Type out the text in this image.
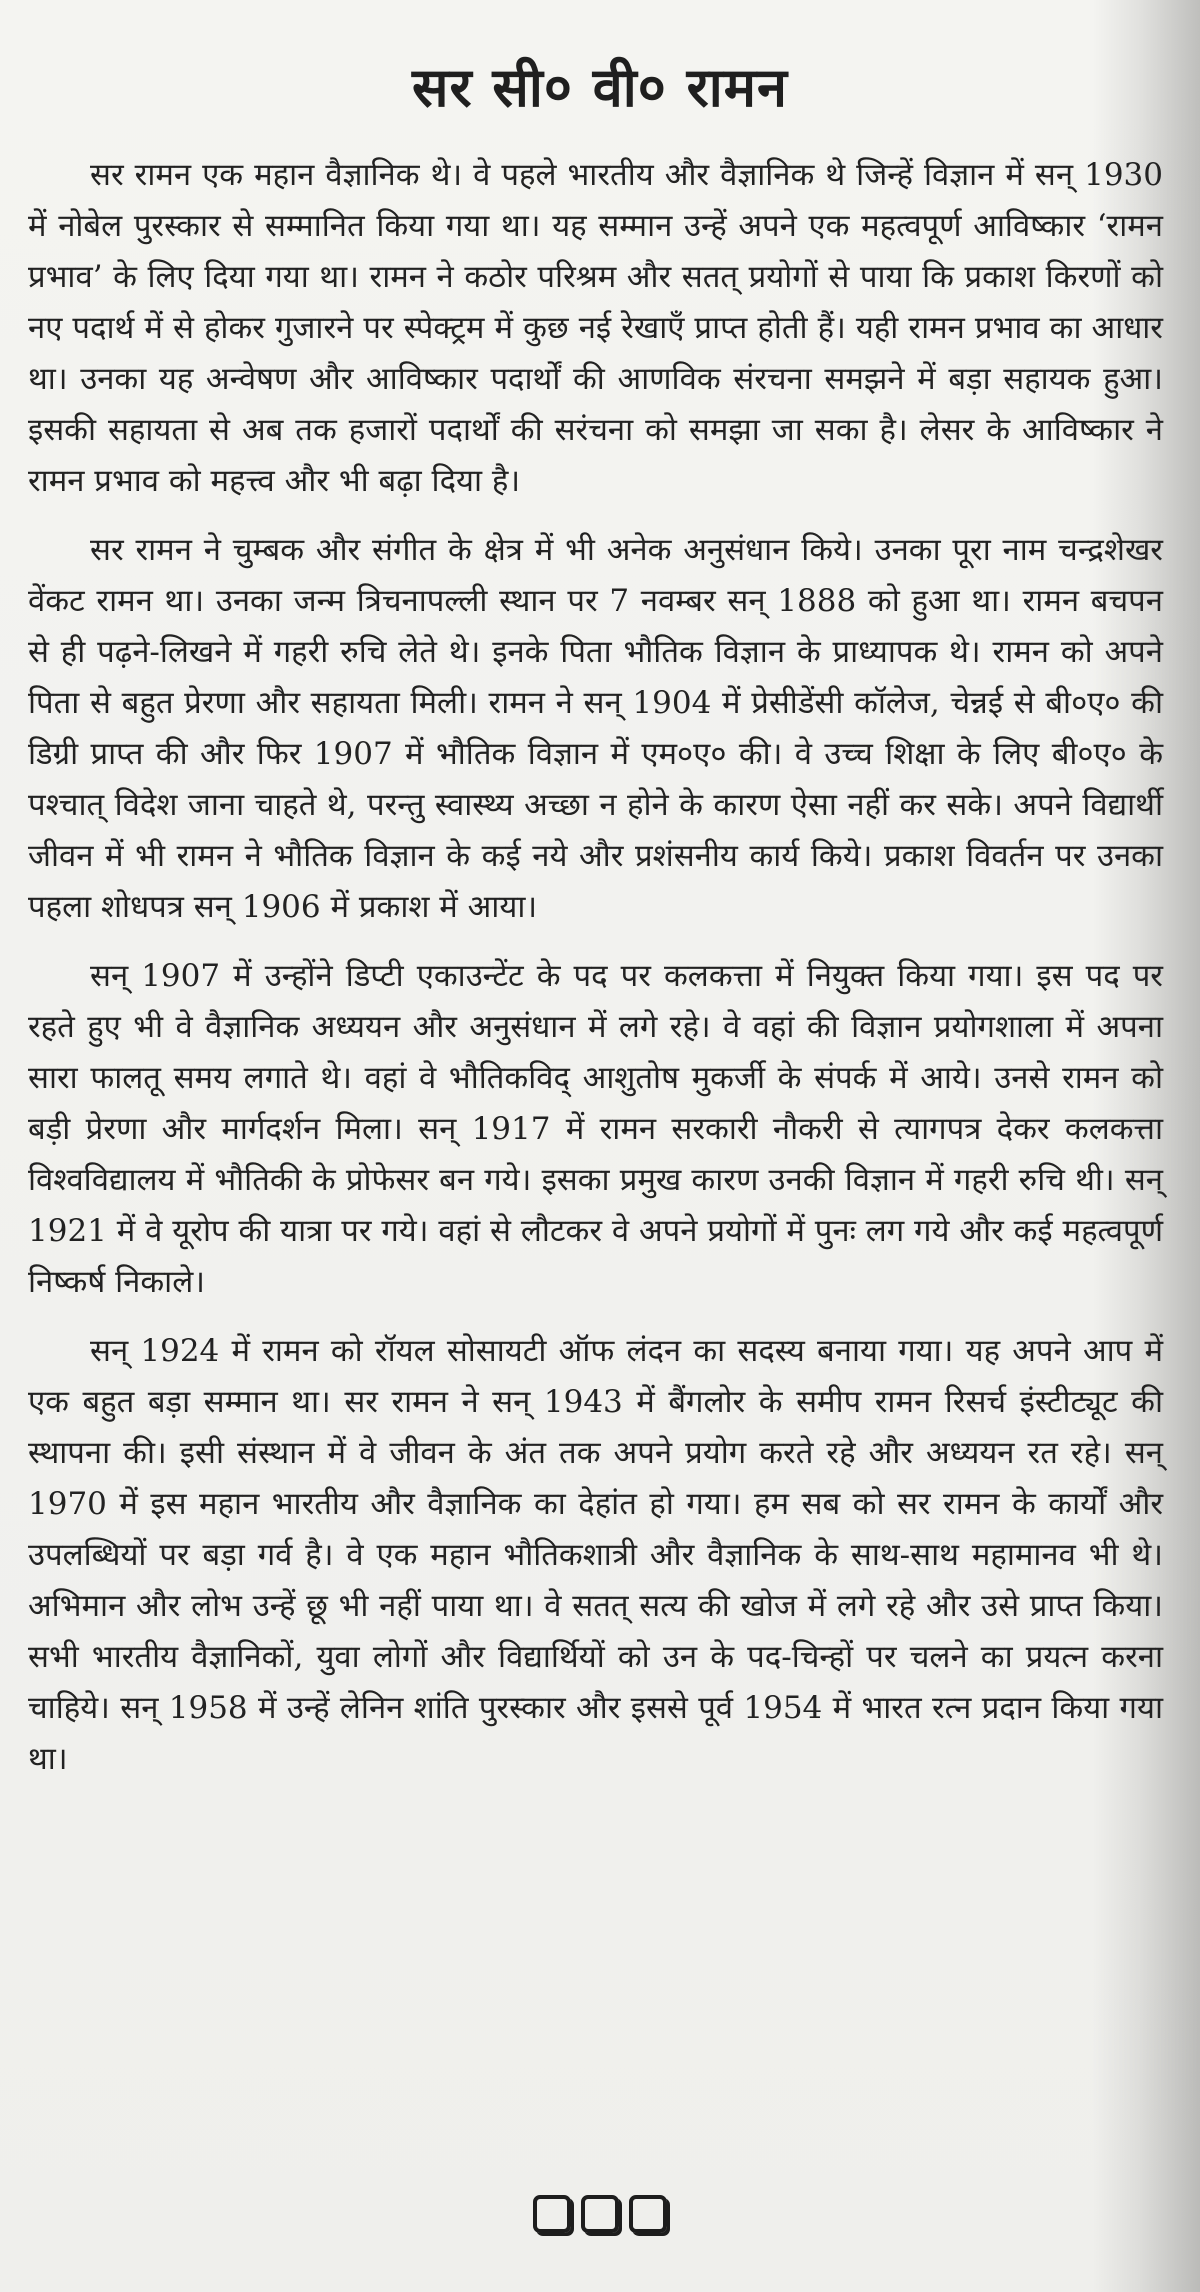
सर सी० वी० रामन

सर रामन एक महान वैज्ञानिक थे। वे पहले भारतीय और वैज्ञानिक थे जिन्हें विज्ञान में सन् 1930 में नोबेल पुरस्कार से सम्मानित किया गया था। यह सम्मान उन्हें अपने एक महत्वपूर्ण आविष्कार ‘रामन प्रभाव’ के लिए दिया गया था। रामन ने कठोर परिश्रम और सतत् प्रयोगों से पाया कि प्रकाश किरणों को नए पदार्थ में से होकर गुजारने पर स्पेक्ट्रम में कुछ नई रेखाएँ प्राप्त होती हैं। यही रामन प्रभाव का आधार था। उनका यह अन्वेषण और आविष्कार पदार्थों की आणविक संरचना समझने में बड़ा सहायक हुआ। इसकी सहायता से अब तक हजारों पदार्थों की सरंचना को समझा जा सका है। लेसर के आविष्कार ने रामन प्रभाव को महत्त्व और भी बढ़ा दिया है।

सर रामन ने चुम्बक और संगीत के क्षेत्र में भी अनेक अनुसंधान किये। उनका पूरा नाम चन्द्रशेखर वेंकट रामन था। उनका जन्म त्रिचनापल्ली स्थान पर 7 नवम्बर सन् 1888 को हुआ था। रामन बचपन से ही पढ़ने-लिखने में गहरी रुचि लेते थे। इनके पिता भौतिक विज्ञान के प्राध्यापक थे। रामन को अपने पिता से बहुत प्रेरणा और सहायता मिली। रामन ने सन् 1904 में प्रेसीडेंसी कॉलेज, चेन्नई से बी०ए० की डिग्री प्राप्त की और फिर 1907 में भौतिक विज्ञान में एम०ए० की। वे उच्च शिक्षा के लिए बी०ए० के पश्चात् विदेश जाना चाहते थे, परन्तु स्वास्थ्य अच्छा न होने के कारण ऐसा नहीं कर सके। अपने विद्यार्थी जीवन में भी रामन ने भौतिक विज्ञान के कई नये और प्रशंसनीय कार्य किये। प्रकाश विवर्तन पर उनका पहला शोधपत्र सन् 1906 में प्रकाश में आया।

सन् 1907 में उन्होंने डिप्टी एकाउन्टेंट के पद पर कलकत्ता में नियुक्त किया गया। इस पद पर रहते हुए भी वे वैज्ञानिक अध्ययन और अनुसंधान में लगे रहे। वे वहां की विज्ञान प्रयोगशाला में अपना सारा फालतू समय लगाते थे। वहां वे भौतिकविद् आशुतोष मुकर्जी के संपर्क में आये। उनसे रामन को बड़ी प्रेरणा और मार्गदर्शन मिला। सन् 1917 में रामन सरकारी नौकरी से त्यागपत्र देकर कलकत्ता विश्वविद्यालय में भौतिकी के प्रोफेसर बन गये। इसका प्रमुख कारण उनकी विज्ञान में गहरी रुचि थी। सन् 1921 में वे यूरोप की यात्रा पर गये। वहां से लौटकर वे अपने प्रयोगों में पुनः लग गये और कई महत्वपूर्ण निष्कर्ष निकाले।

सन् 1924 में रामन को रॉयल सोसायटी ऑफ लंदन का सदस्य बनाया गया। यह अपने आप में एक बहुत बड़ा सम्मान था। सर रामन ने सन् 1943 में बैंगलोर के समीप रामन रिसर्च इंस्टीट्यूट की स्थापना की। इसी संस्थान में वे जीवन के अंत तक अपने प्रयोग करते रहे और अध्ययन रत रहे। सन् 1970 में इस महान भारतीय और वैज्ञानिक का देहांत हो गया। हम सब को सर रामन के कार्यों और उपलब्धियों पर बड़ा गर्व है। वे एक महान भौतिकशात्री और वैज्ञानिक के साथ-साथ महामानव भी थे। अभिमान और लोभ उन्हें छू भी नहीं पाया था। वे सतत् सत्य की खोज में लगे रहे और उसे प्राप्त किया। सभी भारतीय वैज्ञानिकों, युवा लोगों और विद्यार्थियों को उन के पद-चिन्हों पर चलने का प्रयत्न करना चाहिये। सन् 1958 में उन्हें लेनिन शांति पुरस्कार और इससे पूर्व 1954 में भारत रत्न प्रदान किया गया था।
